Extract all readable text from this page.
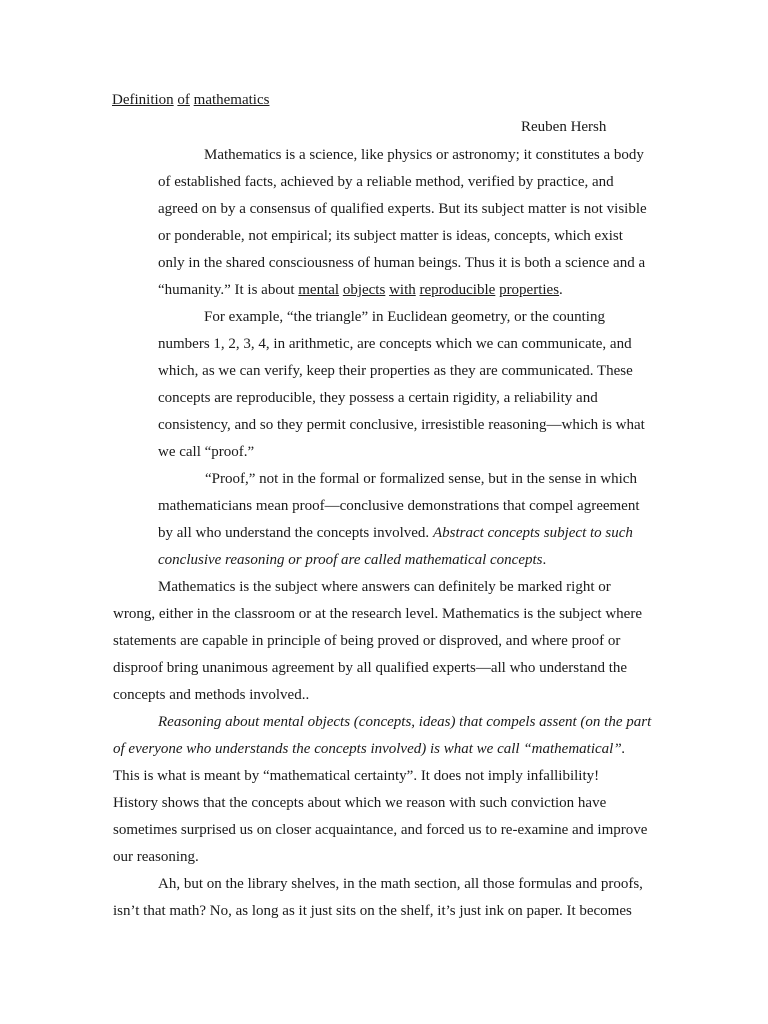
Definition of mathematics
Reuben Hersh
Mathematics is a science, like physics or astronomy; it constitutes a body
of established facts, achieved by a reliable method, verified by practice, and
agreed on by a consensus of qualified experts. But its subject matter is not visible
or ponderable, not empirical; its subject matter is ideas, concepts, which exist
only in the shared consciousness of human beings. Thus it is both a science and a
“humanity.” It is about mental objects with reproducible properties.
For example, “the triangle” in Euclidean geometry, or the counting
numbers 1, 2, 3, 4, in arithmetic, are concepts which we can communicate, and
which, as we can verify, keep their properties as they are communicated. These
concepts are reproducible, they possess a certain rigidity, a reliability and
consistency, and so they permit conclusive, irresistible reasoning—which is what
we call “proof.”
“Proof,” not in the formal or formalized sense, but in the sense in which
mathematicians mean proof—conclusive demonstrations that compel agreement
by all who understand the concepts involved. Abstract concepts subject to such
conclusive reasoning or proof are called mathematical concepts.
Mathematics is the subject where answers can definitely be marked right or
wrong, either in the classroom or at the research level. Mathematics is the subject where
statements are capable in principle of being proved or disproved, and where proof or
disproof bring unanimous agreement by all qualified experts—all who understand the
concepts and methods involved..
Reasoning about mental objects (concepts, ideas) that compels assent (on the part
of everyone who understands the concepts involved) is what we call “mathematical”.
This is what is meant by “mathematical certainty”. It does not imply infallibility!
History shows that the concepts about which we reason with such conviction have
sometimes surprised us on closer acquaintance, and forced us to re-examine and improve
our reasoning.
Ah, but on the library shelves, in the math section, all those formulas and proofs,
isn’t that math? No, as long as it just sits on the shelf, it’s just ink on paper. It becomes
